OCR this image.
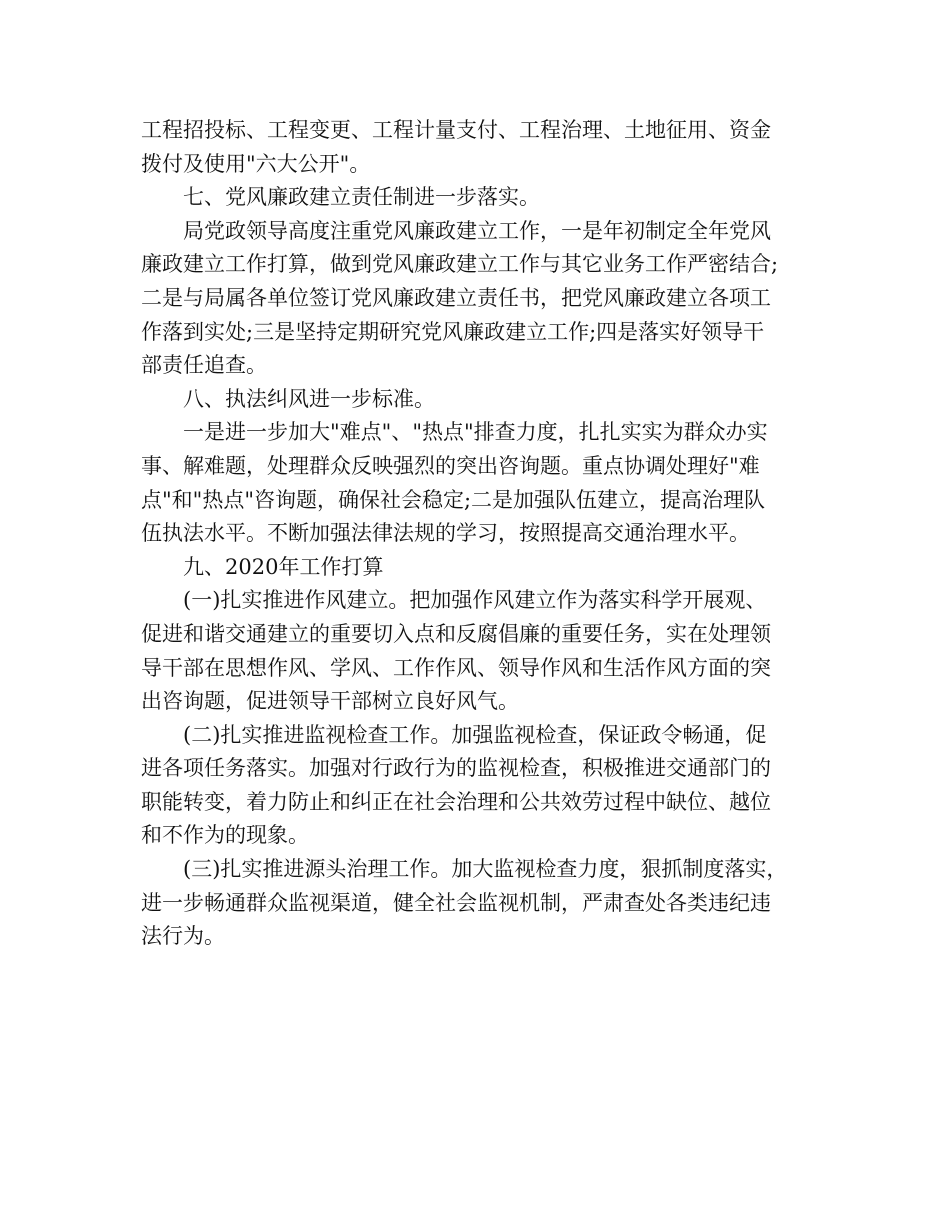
工程招投标、工程变更、工程计量支付、工程治理、土地征用、资金
拨付及使用"六大公开"。
七、党风廉政建立责任制进一步落实。
局党政领导高度注重党风廉政建立工作，一是年初制定全年党风
廉政建立工作打算，做到党风廉政建立工作与其它业务工作严密结合;
二是与局属各单位签订党风廉政建立责任书，把党风廉政建立各项工
作落到实处;三是坚持定期研究党风廉政建立工作;四是落实好领导干
部责任追查。
八、执法纠风进一步标准。
一是进一步加大"难点"、"热点"排查力度，扎扎实实为群众办实
事、解难题，处理群众反映强烈的突出咨询题。重点协调处理好"难
点"和"热点"咨询题，确保社会稳定;二是加强队伍建立，提高治理队
伍执法水平。不断加强法律法规的学习，按照提高交通治理水平。
九、2020年工作打算
(一)扎实推进作风建立。把加强作风建立作为落实科学开展观、
促进和谐交通建立的重要切入点和反腐倡廉的重要任务，实在处理领
导干部在思想作风、学风、工作作风、领导作风和生活作风方面的突
出咨询题，促进领导干部树立良好风气。
(二)扎实推进监视检查工作。加强监视检查，保证政令畅通，促
进各项任务落实。加强对行政行为的监视检查，积极推进交通部门的
职能转变，着力防止和纠正在社会治理和公共效劳过程中缺位、越位
和不作为的现象。
(三)扎实推进源头治理工作。加大监视检查力度，狠抓制度落实，
进一步畅通群众监视渠道，健全社会监视机制，严肃查处各类违纪违
法行为。
